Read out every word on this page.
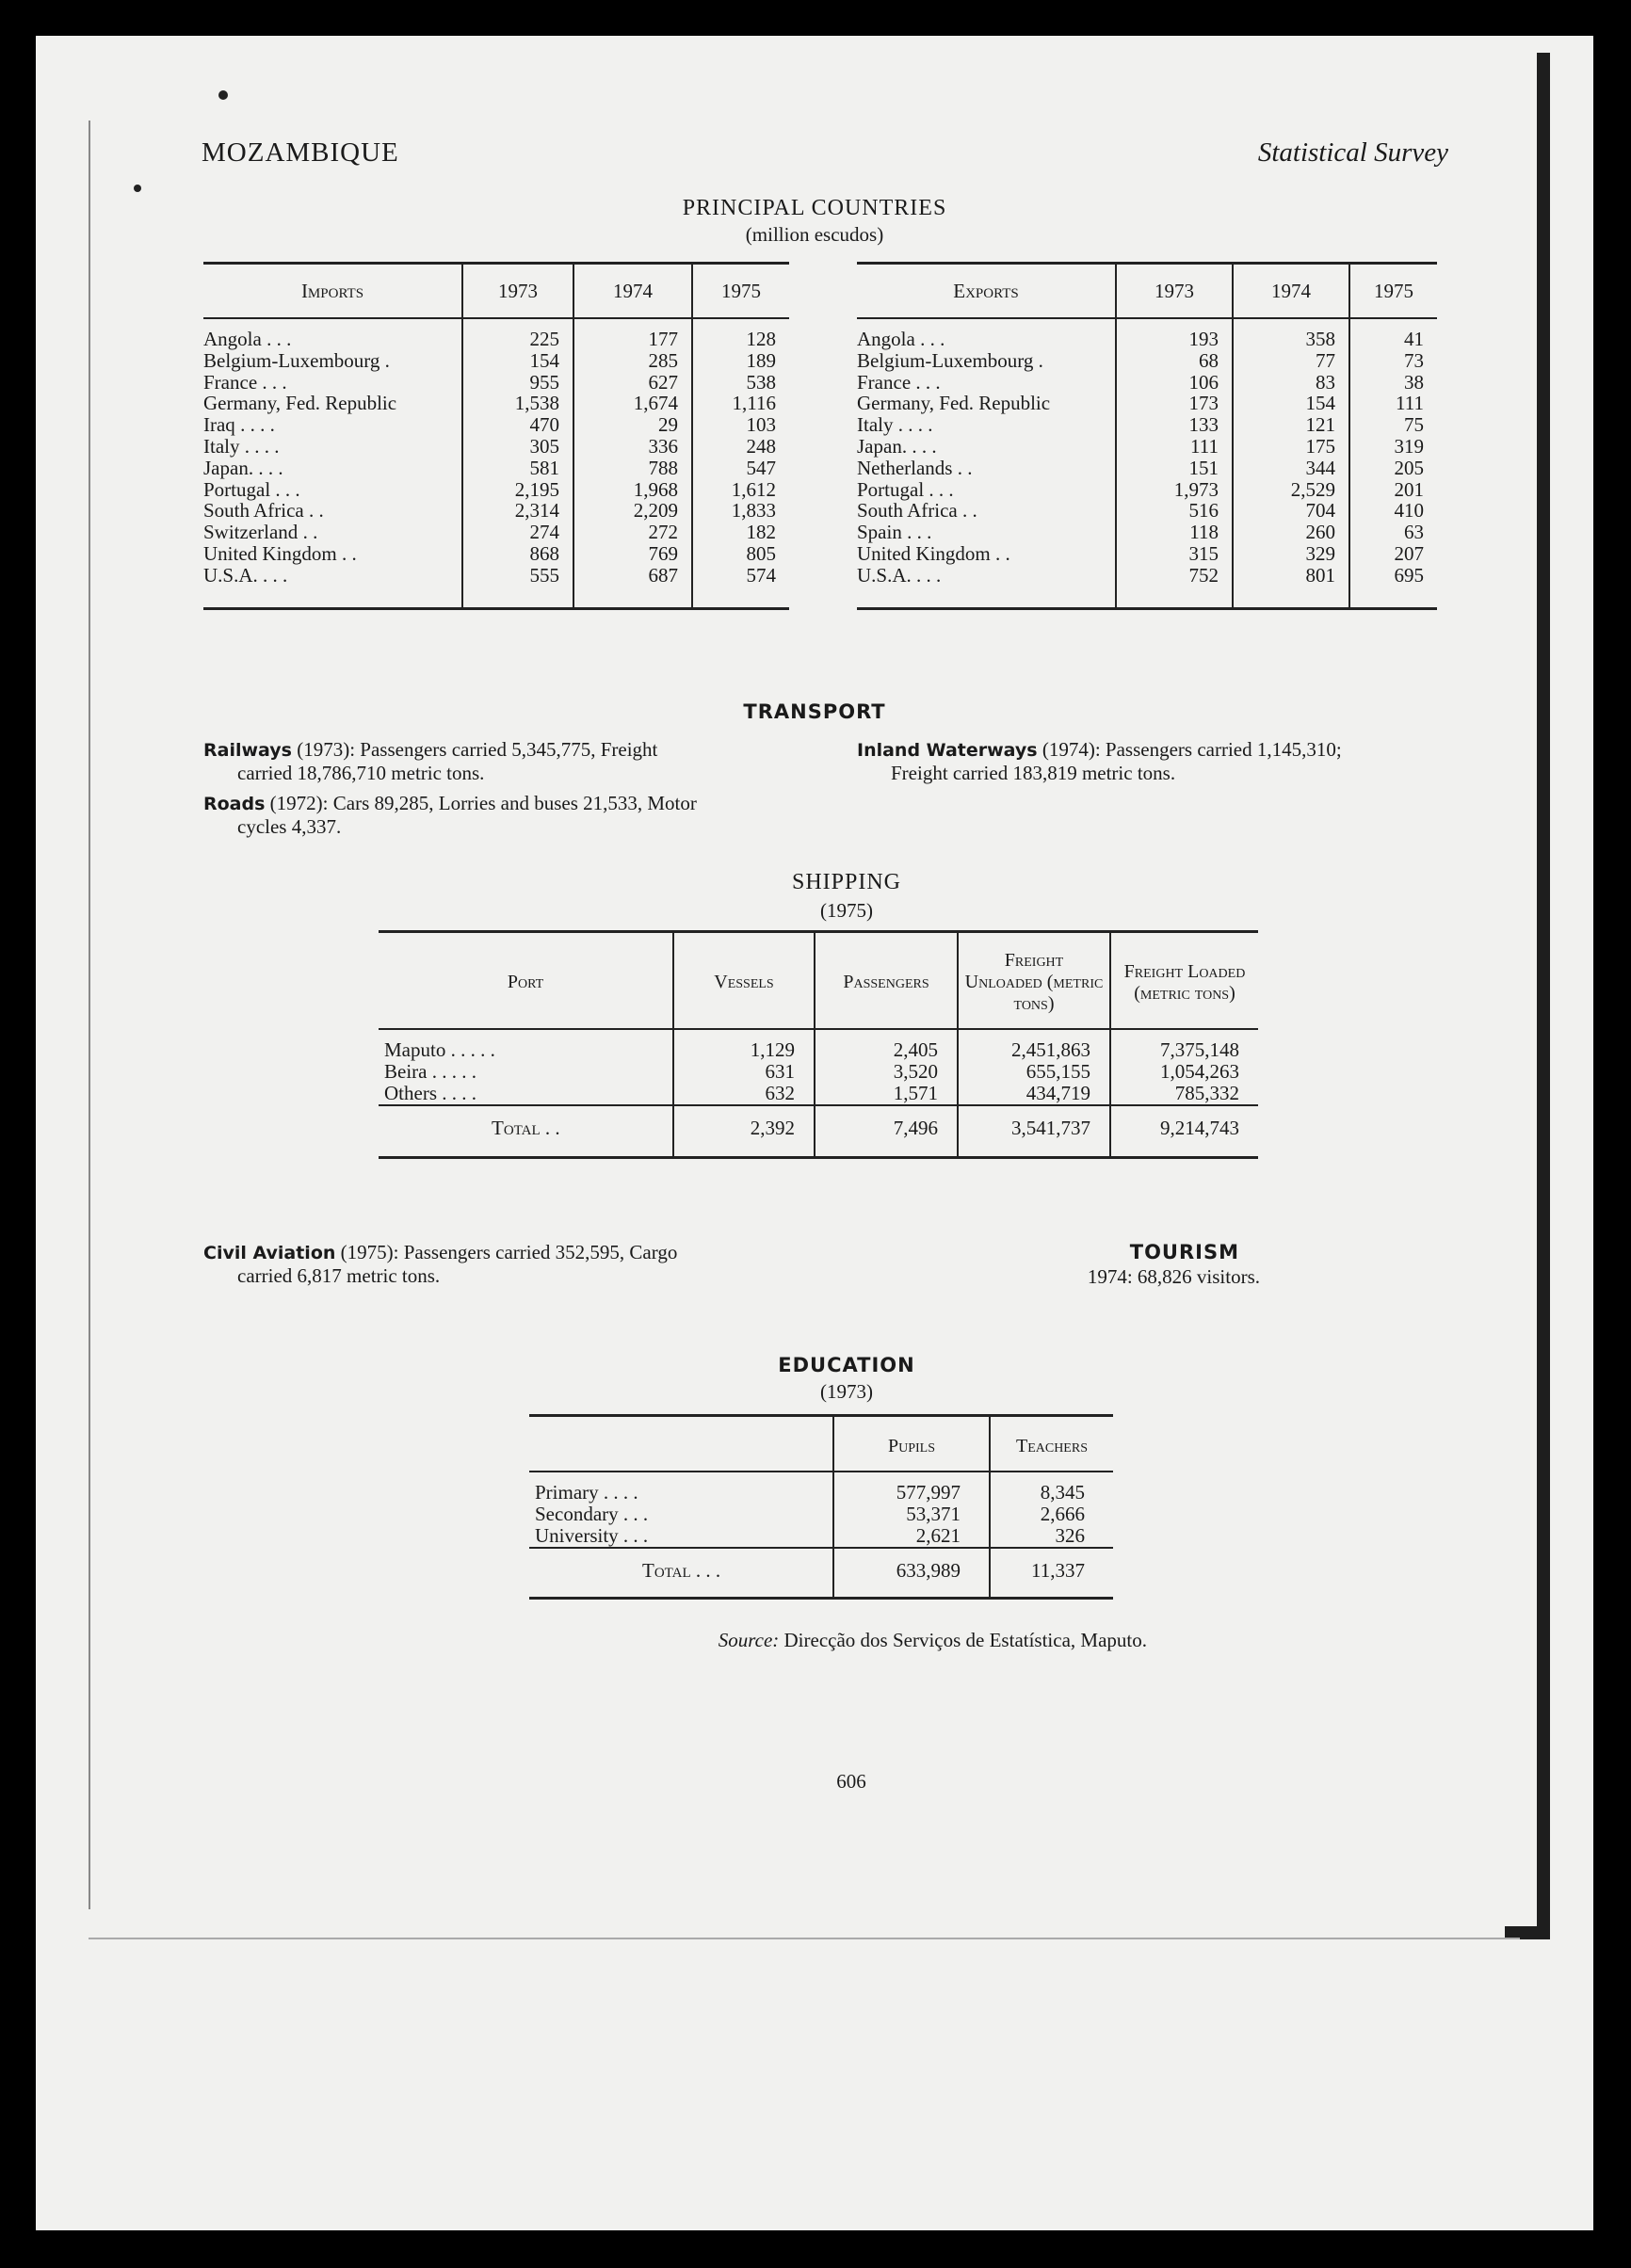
MOZAMBIQUE	Statistical Survey
PRINCIPAL COUNTRIES
(million escudos)
Imports	1973	1974	1975
Angola . . .	225	177	128
Belgium-Luxembourg .	154	285	189
France . . .	955	627	538
Germany, Fed. Republic	1,538	1,674	1,116
Iraq . . . .	470	29	103
Italy . . . .	305	336	248
Japan. . . .	581	788	547
Portugal . . .	2,195	1,968	1,612
South Africa . .	2,314	2,209	1,833
Switzerland . .	274	272	182
United Kingdom . .	868	769	805
U.S.A. . . .	555	687	574
Exports	1973	1974	1975
Angola . . .	193	358	41
Belgium-Luxembourg .	68	77	73
France . . .	106	83	38
Germany, Fed. Republic	173	154	111
Italy . . . .	133	121	75
Japan. . . .	111	175	319
Netherlands . .	151	344	205
Portugal . . .	1,973	2,529	201
South Africa . .	516	704	410
Spain . . .	118	260	63
United Kingdom . .	315	329	207
U.S.A. . . .	752	801	695
TRANSPORT
Railways (1973): Passengers carried 5,345,775, Freight
carried 18,786,710 metric tons.
Roads (1972): Cars 89,285, Lorries and buses 21,533, Motor
cycles 4,337.
Inland Waterways (1974): Passengers carried 1,145,310;
Freight carried 183,819 metric tons.
SHIPPING
(1975)
Port	Vessels	Passengers	Freight Unloaded (metric tons)	Freight Loaded (metric tons)
Maputo . . . . .	1,129	2,405	2,451,863	7,375,148
Beira . . . . .	631	3,520	655,155	1,054,263
Others . . . .	632	1,571	434,719	785,332
Total . .	2,392	7,496	3,541,737	9,214,743
Civil Aviation (1975): Passengers carried 352,595, Cargo
carried 6,817 metric tons.
TOURISM
1974: 68,826 visitors.
EDUCATION
(1973)
	Pupils	Teachers
Primary . . . .	577,997	8,345
Secondary . . .	53,371	2,666
University . . .	2,621	326
Total . . .	633,989	11,337
Source: Direcção dos Serviços de Estatística, Maputo.
606
